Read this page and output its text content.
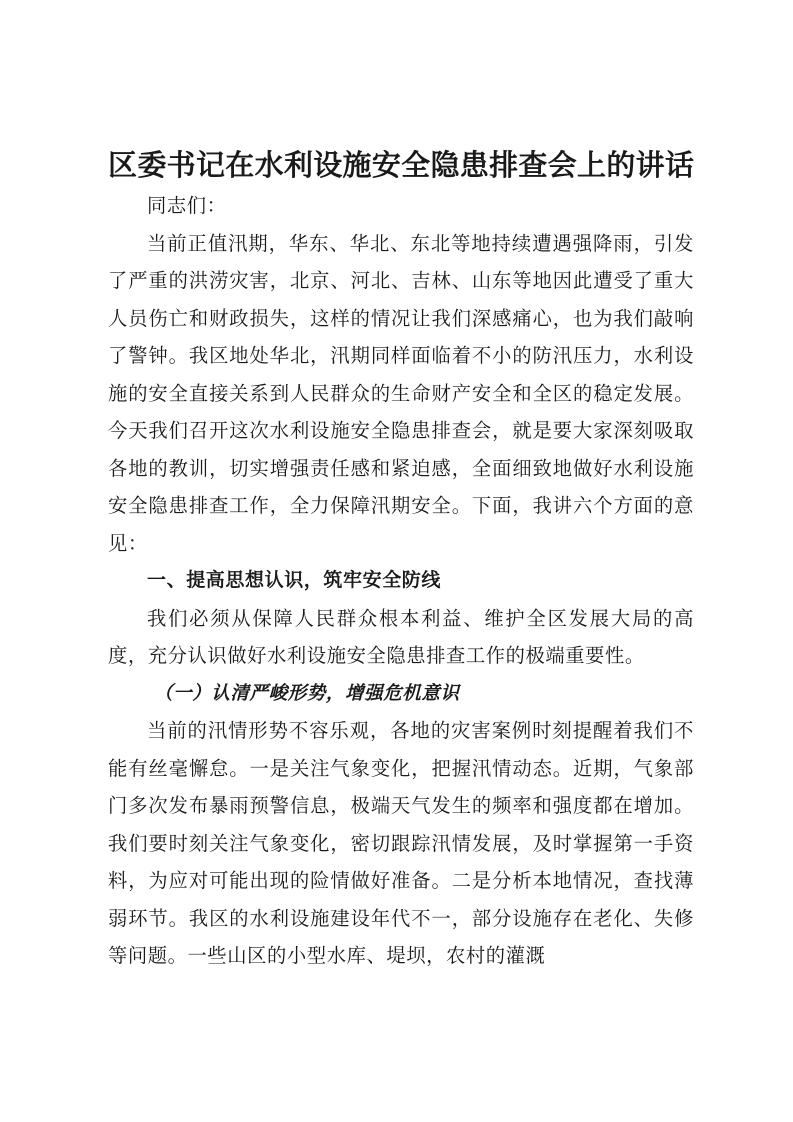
区委书记在水利设施安全隐患排查会上的讲话

同志们：

当前正值汛期，华东、华北、东北等地持续遭遇强降雨，引发了严重的洪涝灾害，北京、河北、吉林、山东等地因此遭受了重大人员伤亡和财政损失，这样的情况让我们深感痛心，也为我们敲响了警钟。我区地处华北，汛期同样面临着不小的防汛压力，水利设施的安全直接关系到人民群众的生命财产安全和全区的稳定发展。今天我们召开这次水利设施安全隐患排查会，就是要大家深刻吸取各地的教训，切实增强责任感和紧迫感，全面细致地做好水利设施安全隐患排查工作，全力保障汛期安全。下面，我讲六个方面的意见：

一、提高思想认识，筑牢安全防线

我们必须从保障人民群众根本利益、维护全区发展大局的高度，充分认识做好水利设施安全隐患排查工作的极端重要性。

（一）认清严峻形势，增强危机意识

当前的汛情形势不容乐观，各地的灾害案例时刻提醒着我们不能有丝毫懈怠。一是关注气象变化，把握汛情动态。近期，气象部门多次发布暴雨预警信息，极端天气发生的频率和强度都在增加。我们要时刻关注气象变化，密切跟踪汛情发展，及时掌握第一手资料，为应对可能出现的险情做好准备。二是分析本地情况，查找薄弱环节。我区的水利设施建设年代不一，部分设施存在老化、失修等问题。一些山区的小型水库、堤坝，农村的灌溉
